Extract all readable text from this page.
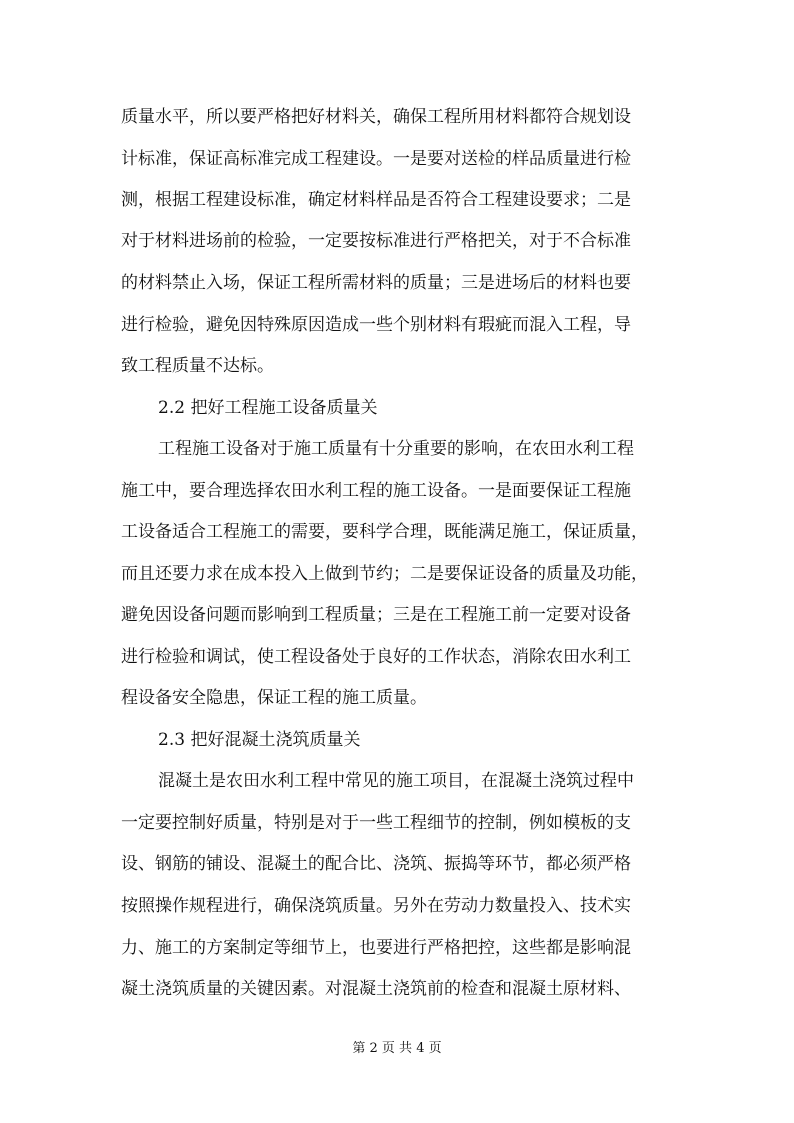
质量水平，所以要严格把好材料关，确保工程所用材料都符合规划设
计标准，保证高标准完成工程建设。一是要对送检的样品质量进行检
测，根据工程建设标准，确定材料样品是否符合工程建设要求；二是
对于材料进场前的检验，一定要按标准进行严格把关，对于不合标准
的材料禁止入场，保证工程所需材料的质量；三是进场后的材料也要
进行检验，避免因特殊原因造成一些个别材料有瑕疵而混入工程，导
致工程质量不达标。
2.2 把好工程施工设备质量关
工程施工设备对于施工质量有十分重要的影响，在农田水利工程
施工中，要合理选择农田水利工程的施工设备。一是面要保证工程施
工设备适合工程施工的需要，要科学合理，既能满足施工，保证质量，
而且还要力求在成本投入上做到节约；二是要保证设备的质量及功能，
避免因设备问题而影响到工程质量；三是在工程施工前一定要对设备
进行检验和调试，使工程设备处于良好的工作状态，消除农田水利工
程设备安全隐患，保证工程的施工质量。
2.3 把好混凝土浇筑质量关
混凝土是农田水利工程中常见的施工项目，在混凝土浇筑过程中
一定要控制好质量，特别是对于一些工程细节的控制，例如模板的支
设、钢筋的铺设、混凝土的配合比、浇筑、振捣等环节，都必须严格
按照操作规程进行，确保浇筑质量。另外在劳动力数量投入、技术实
力、施工的方案制定等细节上，也要进行严格把控，这些都是影响混
凝土浇筑质量的关键因素。对混凝土浇筑前的检查和混凝土原材料、
第 2 页 共 4 页
